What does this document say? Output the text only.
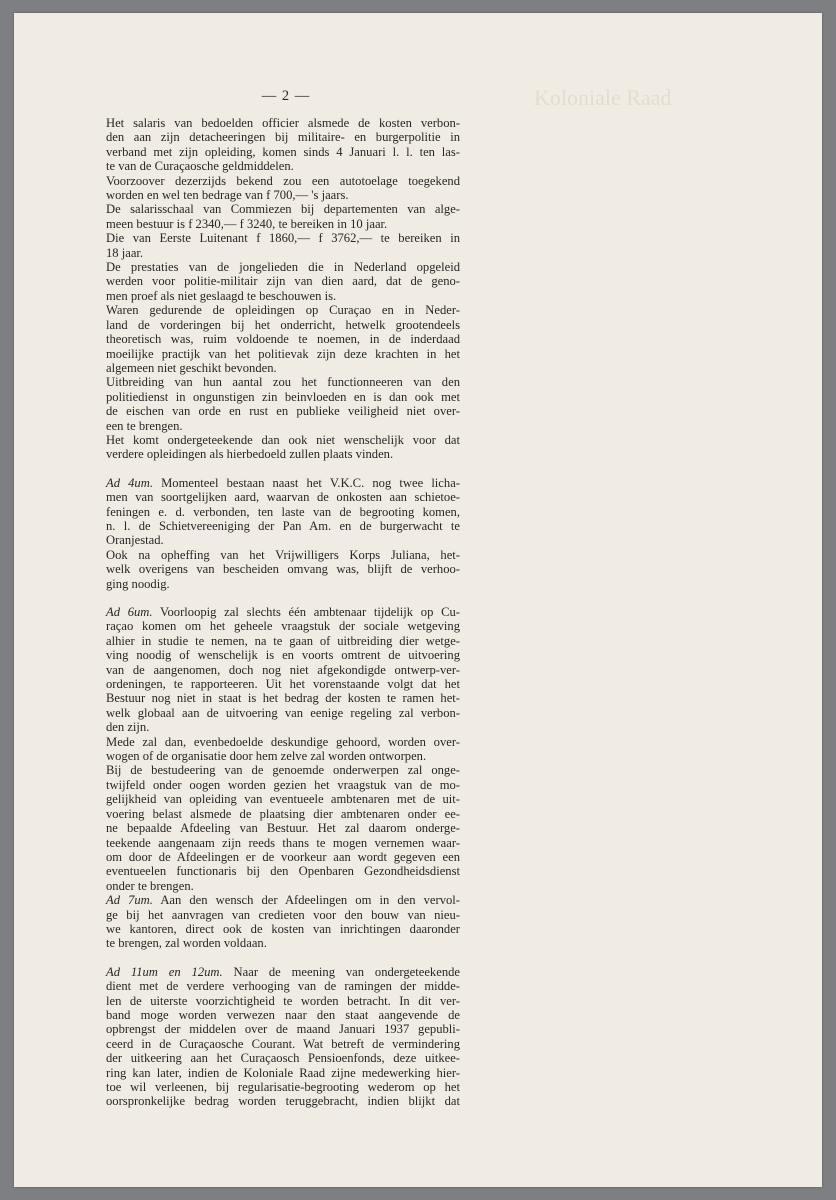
Koloniale Raad
— 2 —

Het salaris van bedoelden officier alsmede de kosten verbon-

den aan zijn detacheeringen bij militaire- en burgerpolitie in

verband met zijn opleiding, komen sinds 4 Januari l. l. ten las-

te van de Curaçaosche geldmiddelen.

Voorzoover dezerzijds bekend zou een autotoelage toegekend

worden en wel ten bedrage van f 700,— 's jaars.

De salarisschaal van Commiezen bij departementen van alge-

meen bestuur is f 2340,— f 3240, te bereiken in 10 jaar.

Die van Eerste Luitenant f 1860,— f 3762,— te bereiken in

18 jaar.

De prestaties van de jongelieden die in Nederland opgeleid

werden voor politie-militair zijn van dien aard, dat de geno-

men proef als niet geslaagd te beschouwen is.

Waren gedurende de opleidingen op Curaçao en in Neder-

land de vorderingen bij het onderricht, hetwelk grootendeels

theoretisch was, ruim voldoende te noemen, in de inderdaad

moeilijke practijk van het politievak zijn deze krachten in het

algemeen niet geschikt bevonden.

Uitbreiding van hun aantal zou het functionneeren van den

politiedienst in ongunstigen zin beinvloeden en is dan ook met

de eischen van orde en rust en publieke veiligheid niet over-

een te brengen.

Het komt ondergeteekende dan ook niet wenschelijk voor dat

verdere opleidingen als hierbedoeld zullen plaats vinden.

Ad 4um. Momenteel bestaan naast het V.K.C. nog twee licha-

men van soortgelijken aard, waarvan de onkosten aan schietoe-

feningen e. d. verbonden, ten laste van de begrooting komen,

n. l. de Schietvereeniging der Pan Am. en de burgerwacht te

Oranjestad.

Ook na opheffing van het Vrijwilligers Korps Juliana, het-

welk overigens van bescheiden omvang was, blijft de verhoo-

ging noodig.

Ad 6um. Voorloopig zal slechts één ambtenaar tijdelijk op Cu-

raçao komen om het geheele vraagstuk der sociale wetgeving

alhier in studie te nemen, na te gaan of uitbreiding dier wetge-

ving noodig of wenschelijk is en voorts omtrent de uitvoering

van de aangenomen, doch nog niet afgekondigde ontwerp-ver-

ordeningen, te rapporteeren. Uit het vorenstaande volgt dat het

Bestuur nog niet in staat is het bedrag der kosten te ramen het-

welk globaal aan de uitvoering van eenige regeling zal verbon-

den zijn.

Mede zal dan, evenbedoelde deskundige gehoord, worden over-

wogen of de organisatie door hem zelve zal worden ontworpen.

Bij de bestudeering van de genoemde onderwerpen zal onge-

twijfeld onder oogen worden gezien het vraagstuk van de mo-

gelijkheid van opleiding van eventueele ambtenaren met de uit-

voering belast alsmede de plaatsing dier ambtenaren onder ee-

ne bepaalde Afdeeling van Bestuur. Het zal daarom onderge-

teekende aangenaam zijn reeds thans te mogen vernemen waar-

om door de Afdeelingen er de voorkeur aan wordt gegeven een

eventueelen functionaris bij den Openbaren Gezondheidsdienst

onder te brengen.

Ad 7um. Aan den wensch der Afdeelingen om in den vervol-

ge bij het aanvragen van credieten voor den bouw van nieu-

we kantoren, direct ook de kosten van inrichtingen daaronder

te brengen, zal worden voldaan.

Ad 11um en 12um. Naar de meening van ondergeteekende

dient met de verdere verhooging van de ramingen der midde-

len de uiterste voorzichtigheid te worden betracht. In dit ver-

band moge worden verwezen naar den staat aangevende de

opbrengst der middelen over de maand Januari 1937 gepubli-

ceerd in de Curaçaosche Courant. Wat betreft de vermindering

der uitkeering aan het Curaçaosch Pensioenfonds, deze uitkee-

ring kan later, indien de Koloniale Raad zijne medewerking hier-

toe wil verleenen, bij regularisatie-begrooting wederom op het

oorspronkelijke bedrag worden teruggebracht, indien blijkt dat
